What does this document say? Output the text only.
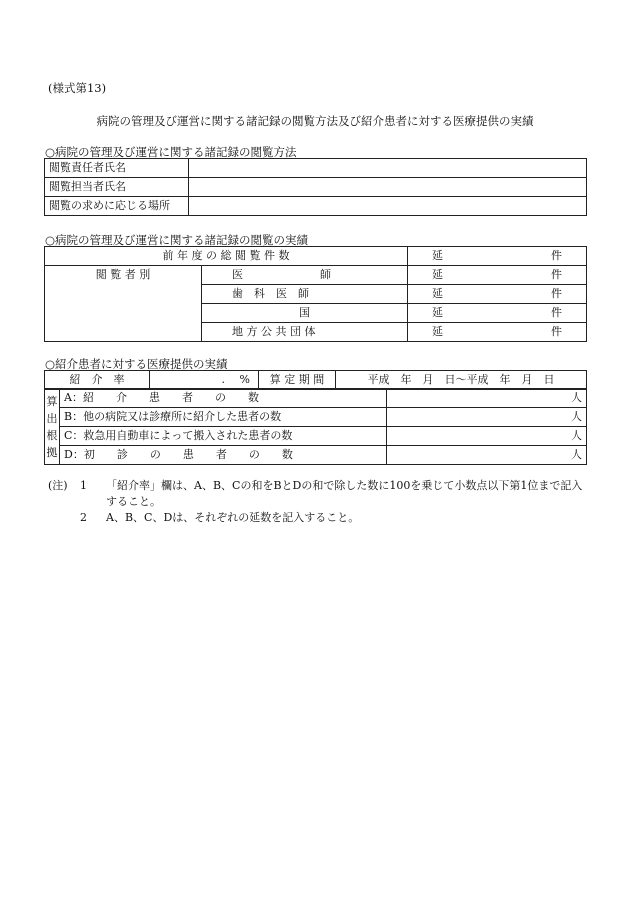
(様式第13)
病院の管理及び運営に関する諸記録の閲覧方法及び紹介患者に対する医療提供の実績
○病院の管理及び運営に関する諸記録の閲覧方法
閲覧責任者氏名	
閲覧担当者氏名	
閲覧の求めに応じる場所	
○病院の管理及び運営に関する諸記録の閲覧の実績
前 年 度 の 総 閲 覧 件 数		延 件

閲 覧 者 別	医　　　　　　　師	延 件

	歯　科　医　師	延 件

	国	延 件

	地 方 公 共 団 体	延 件
○紹介患者に対する医療提供の実績
紹　介　率	.　 %	算 定 期 間	平成　年　月　日～平成　年　月　日
算
出
根
拠	A：紹　　介　　患　　者　　の　　数	人
	B：他の病院又は診療所に紹介した患者の数	人
	C：救急用自動車によって搬入された患者の数	人
	D：初　　診　　の　　患　　者　　の　　数	人
(注)	1	「紹介率」欄は、A、B、Cの和をBとDの和で除した数に100を乗じて小数点以下第1位まで記入すること。
2	A、B、C、Dは、それぞれの延数を記入すること。
